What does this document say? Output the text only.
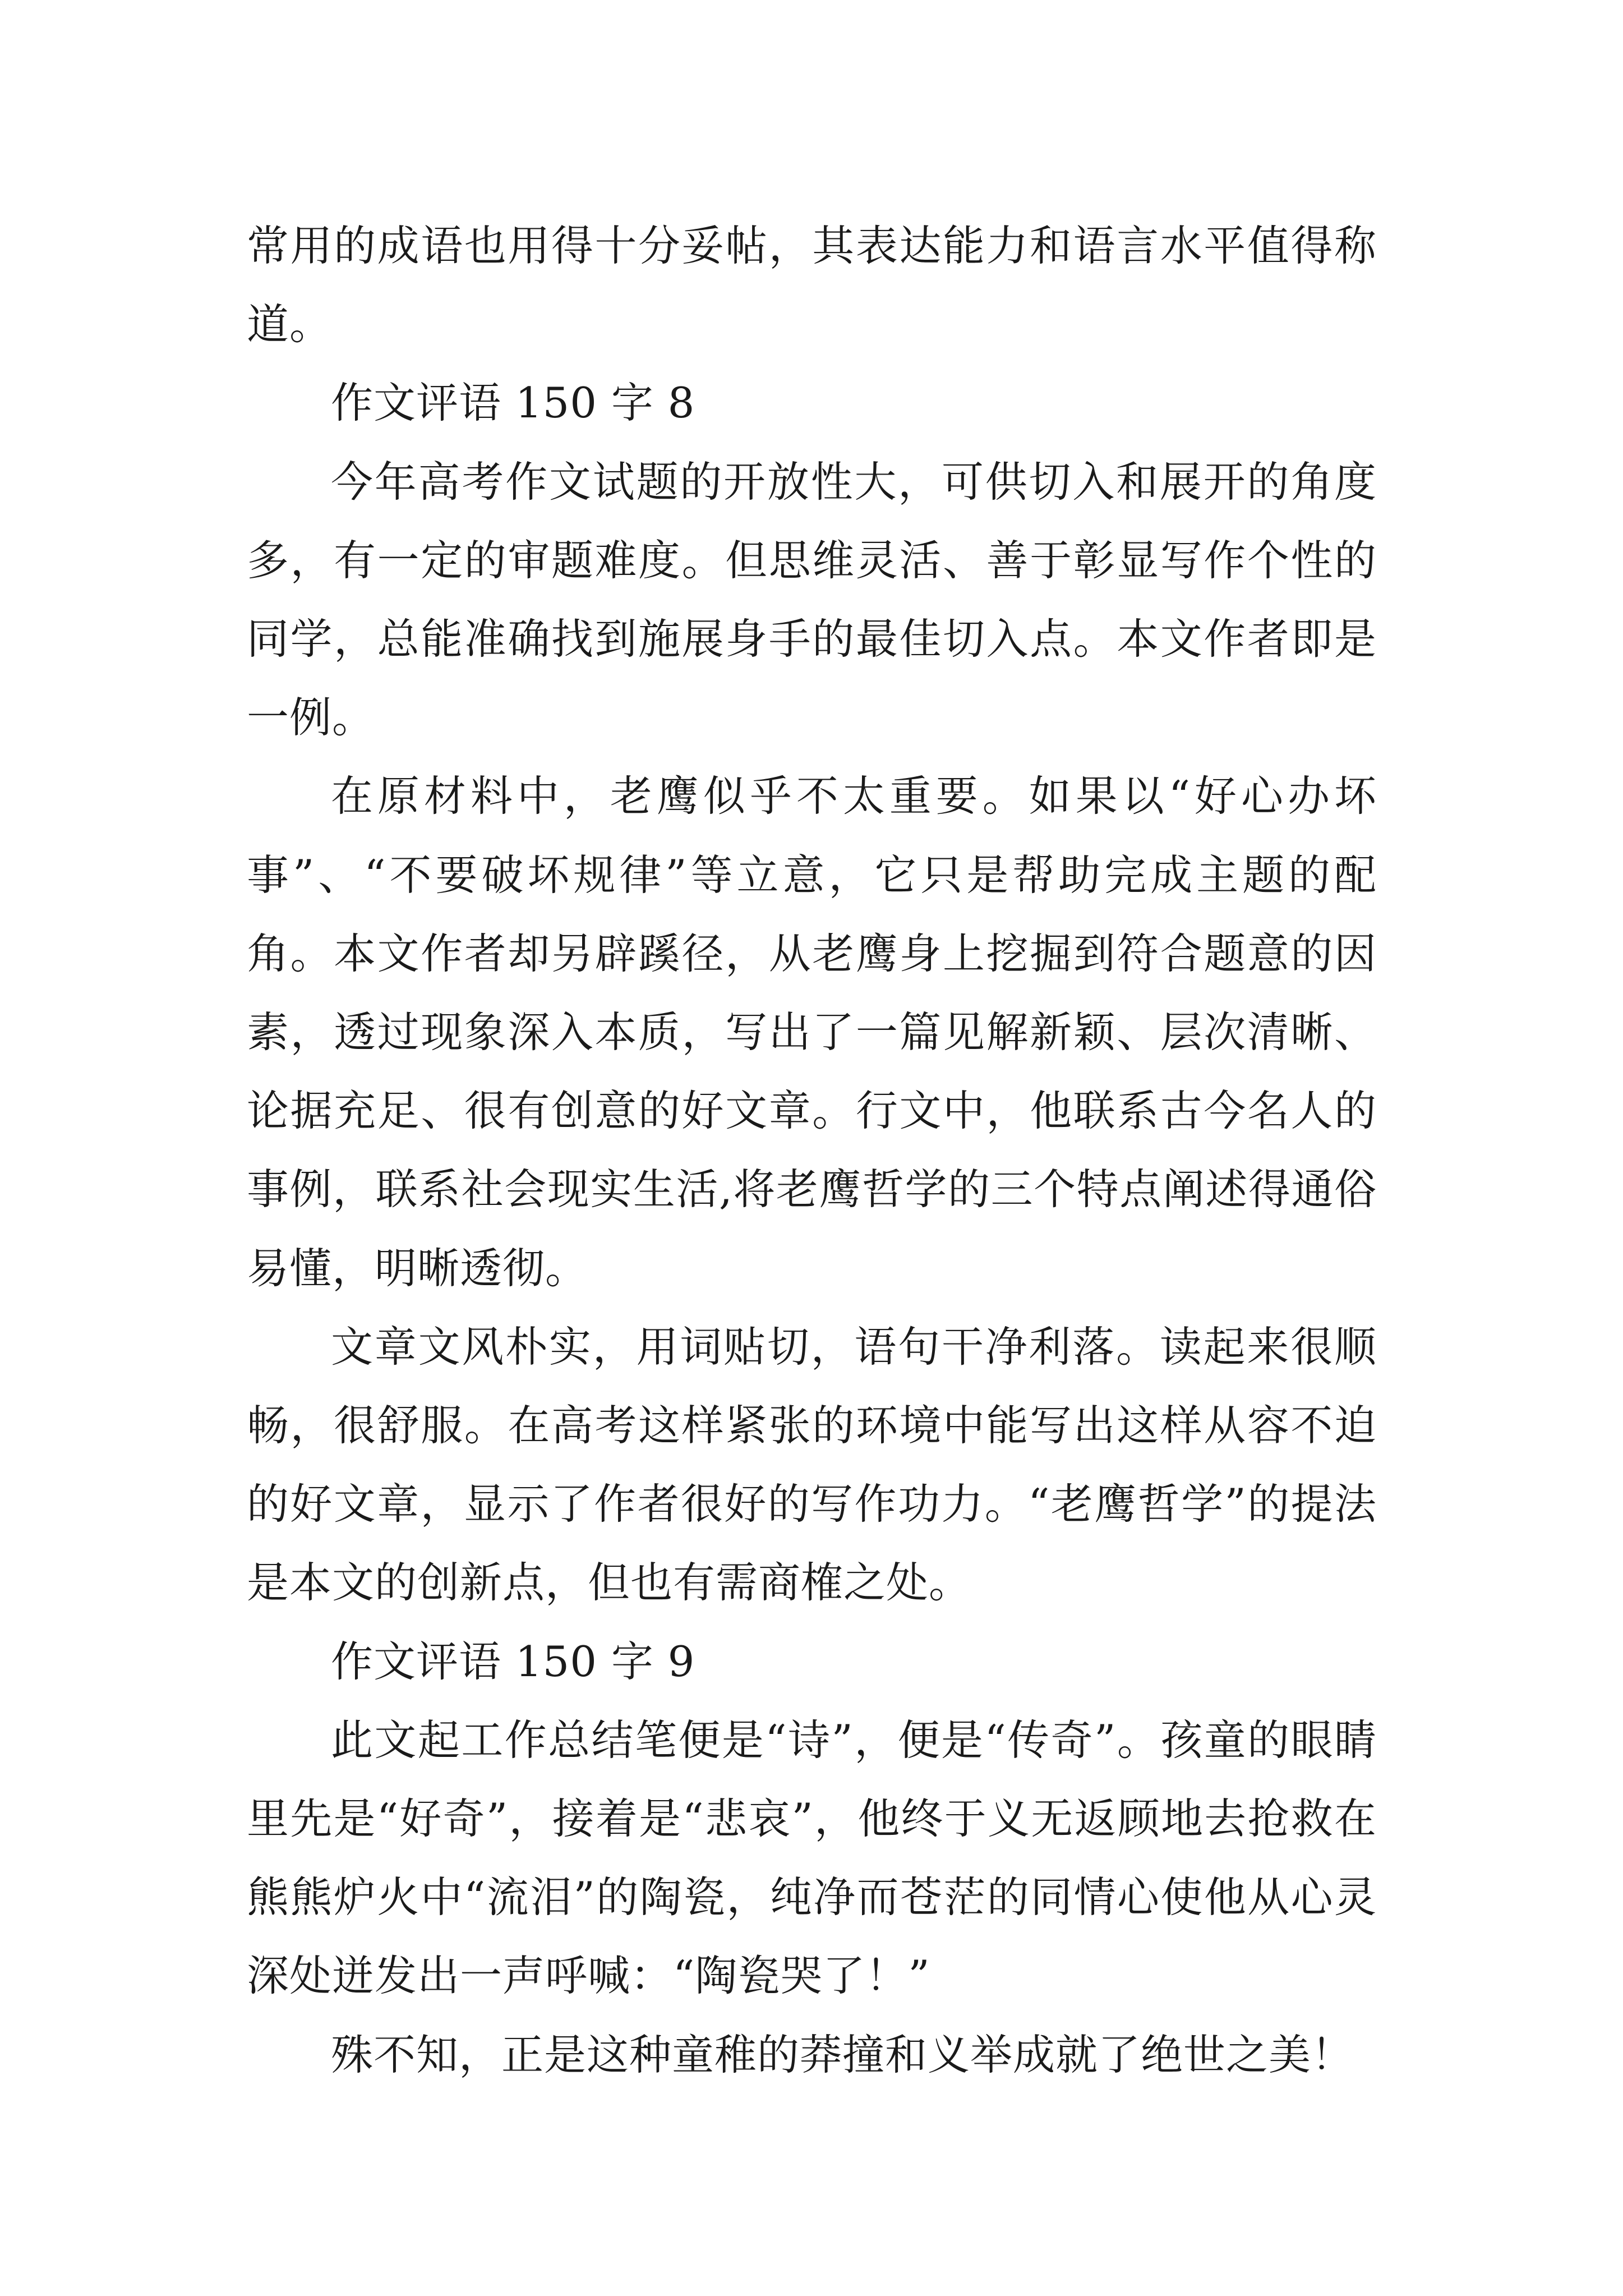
常用的成语也用得十分妥帖，其表达能力和语言水平值得称道。

作文评语 150 字 8

今年高考作文试题的开放性大，可供切入和展开的角度多，有一定的审题难度。但思维灵活、善于彰显写作个性的同学，总能准确找到施展身手的最佳切入点。本文作者即是一例。

在原材料中，老鹰似乎不太重要。如果以“好心办坏事”、“不要破坏规律”等立意，它只是帮助完成主题的配角。本文作者却另辟蹊径，从老鹰身上挖掘到符合题意的因素，透过现象深入本质，写出了一篇见解新颖、层次清晰、论据充足、很有创意的好文章。行文中，他联系古今名人的事例，联系社会现实生活,将老鹰哲学的三个特点阐述得通俗易懂，明晰透彻。

文章文风朴实，用词贴切，语句干净利落。读起来很顺畅，很舒服。在高考这样紧张的环境中能写出这样从容不迫的好文章，显示了作者很好的写作功力。“老鹰哲学”的提法是本文的创新点，但也有需商榷之处。

作文评语 150 字 9

此文起工作总结笔便是“诗”，便是“传奇”。孩童的眼睛里先是“好奇”，接着是“悲哀”，他终于义无返顾地去抢救在熊熊炉火中“流泪”的陶瓷，纯净而苍茫的同情心使他从心灵深处迸发出一声呼喊：“陶瓷哭了！”

殊不知，正是这种童稚的莽撞和义举成就了绝世之美！
